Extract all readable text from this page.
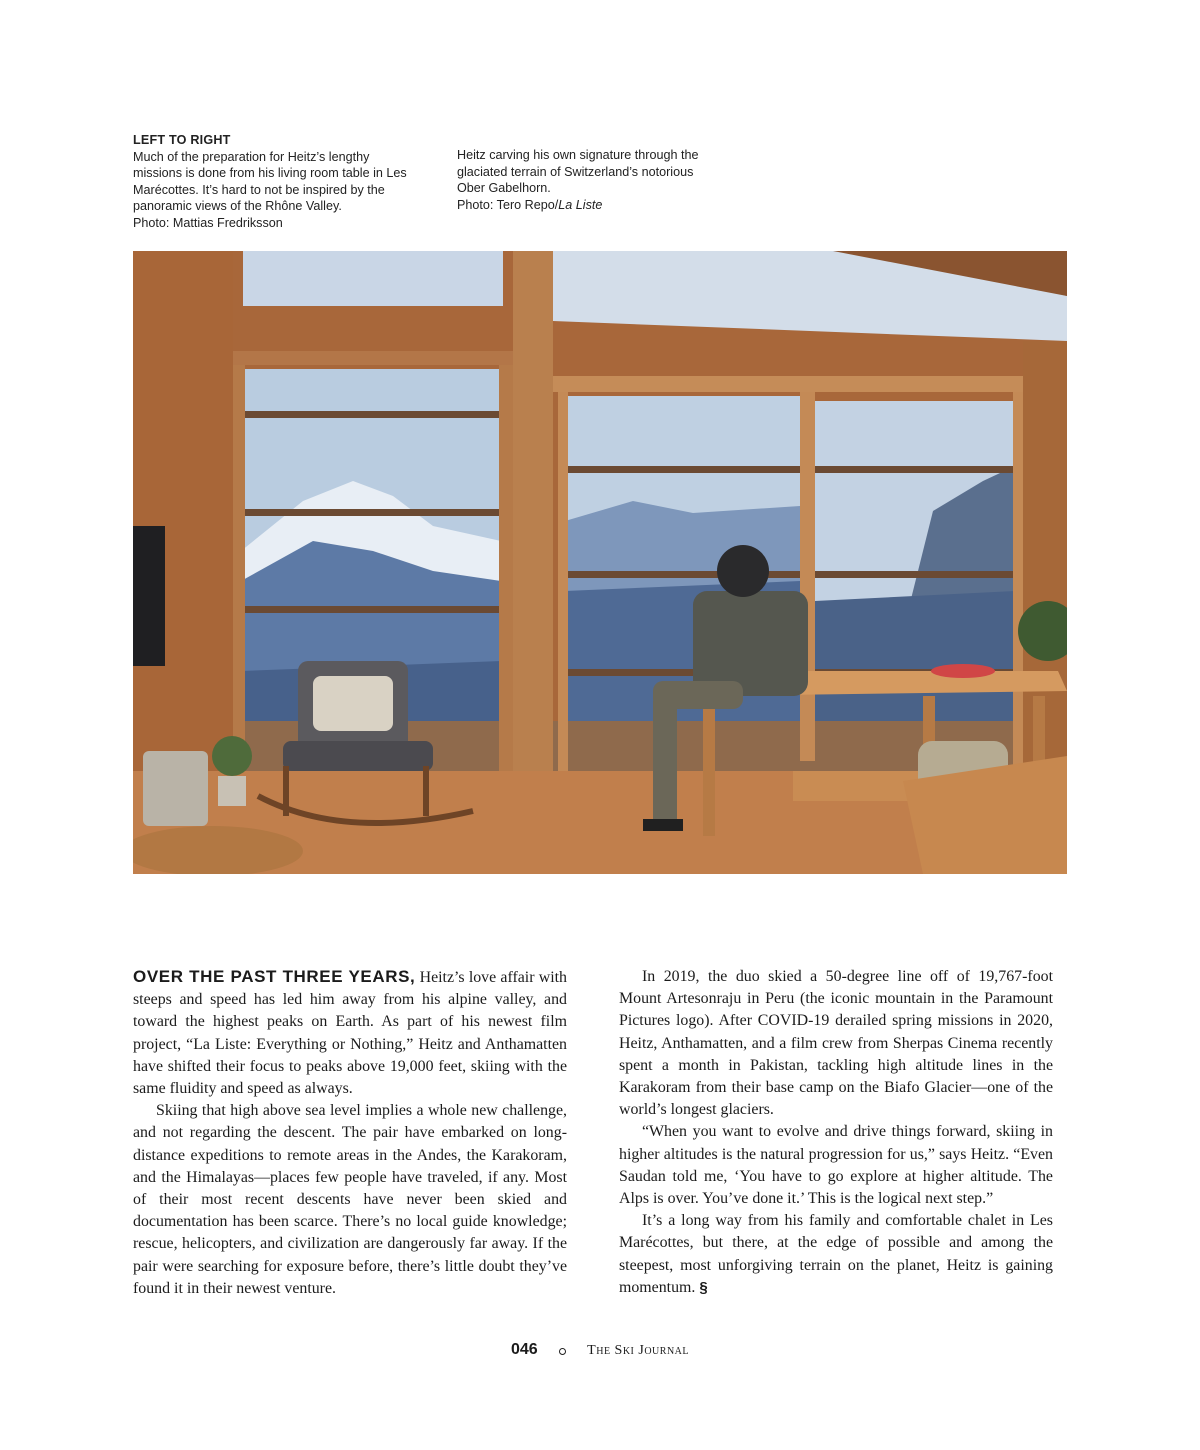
LEFT TO RIGHT
Much of the preparation for Heitz’s lengthy
missions is done from his living room table in Les
Marécottes. It’s hard to not be inspired by the
panoramic views of the Rhône Valley.
Photo: Mattias Fredriksson
Heitz carving his own signature through the
glaciated terrain of Switzerland’s notorious
Ober Gabelhorn.
Photo: Tero Repo/La Liste

OVER THE PAST THREE YEARS, Heitz’s love affair with steeps and speed has led him away from his alpine valley, and toward the highest peaks on Earth. As part of his newest film project, “La Liste: Everything or Nothing,” Heitz and Anthamatten have shifted their focus to peaks above 19,000 feet, skiing with the same fluidity and speed as always.

Skiing that high above sea level implies a whole new challenge, and not regarding the descent. The pair have embarked on long-distance expeditions to remote areas in the Andes, the Karakoram, and the Himalayas—places few people have traveled, if any. Most of their most recent descents have never been skied and documentation has been scarce. There’s no local guide knowledge; rescue, helicopters, and civilization are dangerously far away. If the pair were searching for exposure before, there’s little doubt they’ve found it in their newest venture.

In 2019, the duo skied a 50-degree line off of 19,767-foot Mount Artesonraju in Peru (the iconic mountain in the Paramount Pictures logo). After COVID-19 derailed spring missions in 2020, Heitz, Anthamatten, and a film crew from Sherpas Cinema recently spent a month in Pakistan, tackling high altitude lines in the Karakoram from their base camp on the Biafo Glacier—one of the world’s longest glaciers.

“When you want to evolve and drive things forward, skiing in higher altitudes is the natural progression for us,” says Heitz. “Even Saudan told me, ‘You have to go explore at higher altitude. The Alps is over. You’ve done it.’ This is the logical next step.”

It’s a long way from his family and comfortable chalet in Les Marécottes, but there, at the edge of possible and among the steepest, most unforgiving terrain on the planet, Heitz is gaining momentum. §

046	The Ski Journal
